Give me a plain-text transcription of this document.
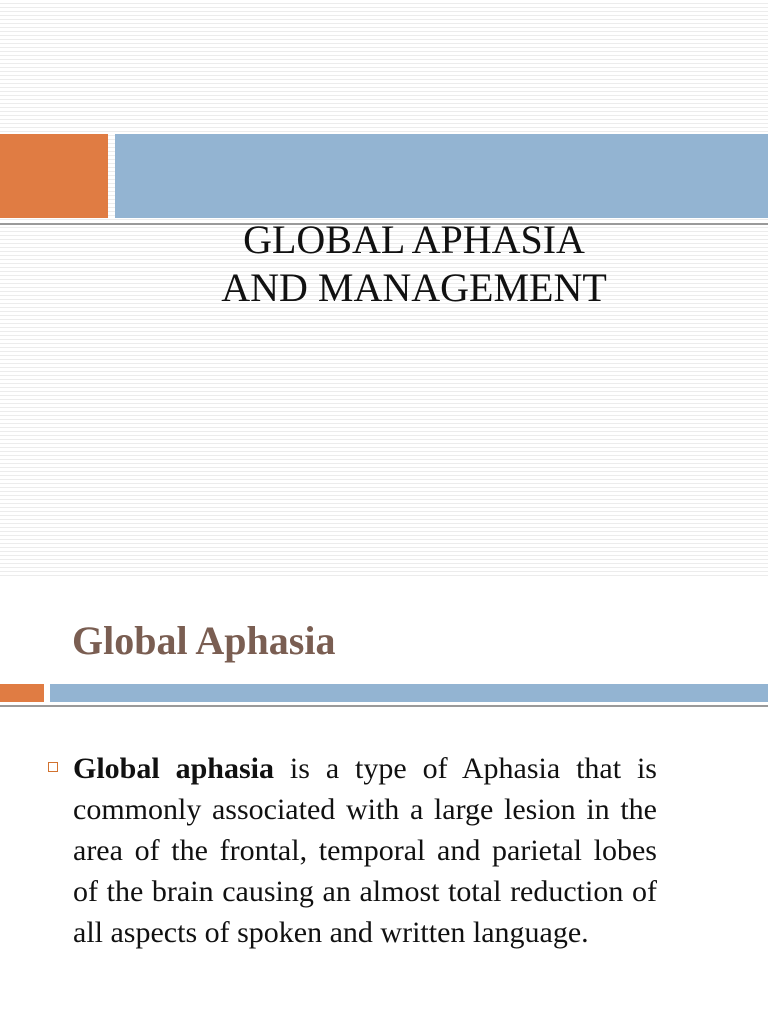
GLOBAL APHASIA
AND MANAGEMENT
Global Aphasia

Global aphasia is a type of Aphasia that is commonly associated with a large lesion in the area of the frontal, temporal and parietal lobes of the brain causing an almost total reduction of all aspects of spoken and written language.
